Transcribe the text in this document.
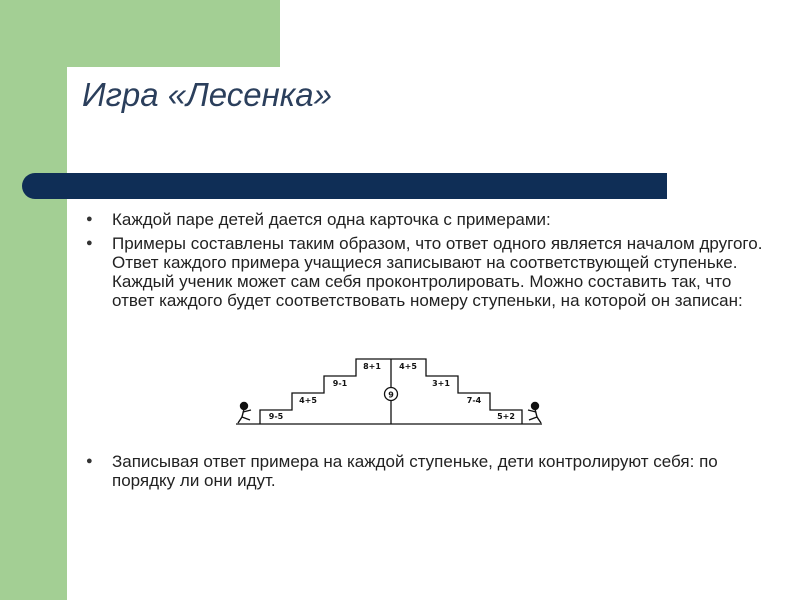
Игра «Лесенка»
● Каждой паре детей дается одна карточка с примерами:
● Примеры составлены таким образом, что ответ одного является началом другого. Ответ каждого примера учащиеся записывают на соответствующей ступеньке. Каждый ученик может сам себя проконтролировать. Можно составить так, что ответ каждого будет соответствовать номеру ступеньки, на которой он записан:
9
9-5
4+5
9-1
8+1 4+5
3+1
7-4
5+2
● Записывая ответ примера на каждой ступеньке, дети контролируют себя: по порядку ли они идут.
